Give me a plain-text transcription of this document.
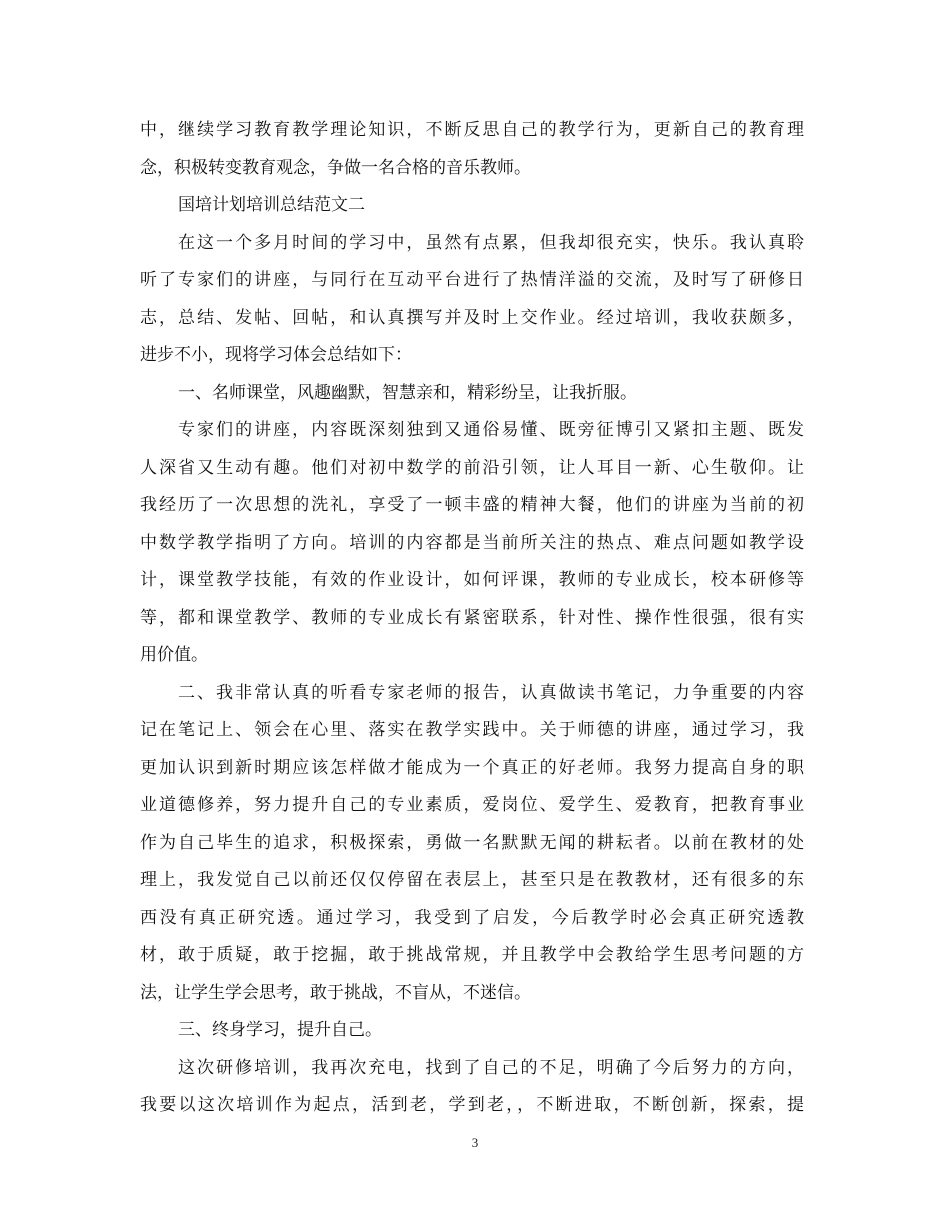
中，继续学习教育教学理论知识，不断反思自己的教学行为，更新自己的教育理
念，积极转变教育观念，争做一名合格的音乐教师。
国培计划培训总结范文二
在这一个多月时间的学习中，虽然有点累，但我却很充实，快乐。我认真聆
听了专家们的讲座，与同行在互动平台进行了热情洋溢的交流，及时写了研修日
志，总结、发帖、回帖，和认真撰写并及时上交作业。经过培训，我收获颇多，
进步不小，现将学习体会总结如下：
一、名师课堂，风趣幽默，智慧亲和，精彩纷呈，让我折服。
专家们的讲座，内容既深刻独到又通俗易懂、既旁征博引又紧扣主题、既发
人深省又生动有趣。他们对初中数学的前沿引领，让人耳目一新、心生敬仰。让
我经历了一次思想的洗礼，享受了一顿丰盛的精神大餐，他们的讲座为当前的初
中数学教学指明了方向。培训的内容都是当前所关注的热点、难点问题如教学设
计，课堂教学技能，有效的作业设计，如何评课，教师的专业成长，校本研修等
等，都和课堂教学、教师的专业成长有紧密联系，针对性、操作性很强，很有实
用价值。
二、我非常认真的听看专家老师的报告，认真做读书笔记，力争重要的内容
记在笔记上、领会在心里、落实在教学实践中。关于师德的讲座，通过学习，我
更加认识到新时期应该怎样做才能成为一个真正的好老师。我努力提高自身的职
业道德修养，努力提升自己的专业素质，爱岗位、爱学生、爱教育，把教育事业
作为自己毕生的追求，积极探索，勇做一名默默无闻的耕耘者。以前在教材的处
理上，我发觉自己以前还仅仅停留在表层上，甚至只是在教教材，还有很多的东
西没有真正研究透。通过学习，我受到了启发，今后教学时必会真正研究透教
材，敢于质疑，敢于挖掘，敢于挑战常规，并且教学中会教给学生思考问题的方
法，让学生学会思考，敢于挑战，不盲从，不迷信。
三、终身学习，提升自己。
这次研修培训，我再次充电，找到了自己的不足，明确了今后努力的方向，
我要以这次培训作为起点，活到老，学到老，，不断进取，不断创新，探索，提
3
